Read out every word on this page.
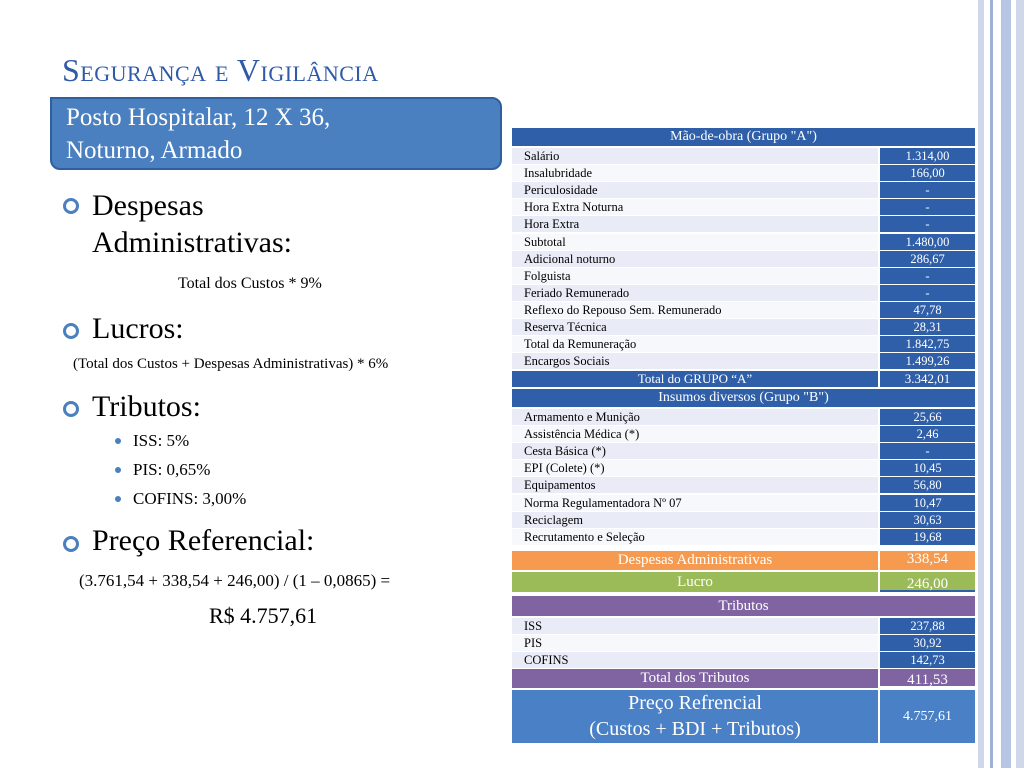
Segurança e Vigilância
Posto Hospitalar, 12 X 36,
Noturno, Armado
Despesas
Administrativas:
Total dos Custos * 9%
Lucros:
(Total dos Custos + Despesas Administrativas) * 6%
Tributos:
ISS: 5%
PIS: 0,65%
COFINS: 3,00%
Preço Referencial:
(3.761,54 + 338,54 + 246,00) / (1 – 0,0865) =
R$ 4.757,61
Mão-de-obra (Grupo "A")
Salário	1.314,00
Insalubridade	166,00
Periculosidade	-
Hora Extra Noturna	-
Hora Extra	-
Subtotal	1.480,00
Adicional noturno	286,67
Folguista	-
Feriado Remunerado	-
Reflexo do Repouso Sem. Remunerado	47,78
Reserva Técnica	28,31
Total da Remuneração	1.842,75
Encargos Sociais	1.499,26
Total do GRUPO “A”	3.342,01
Insumos diversos (Grupo "B")
Armamento e Munição	25,66
Assistência Médica (*)	2,46
Cesta Básica (*)	-
EPI (Colete) (*)	10,45
Equipamentos	56,80
Norma Regulamentadora Nº 07	10,47
Reciclagem	30,63
Recrutamento e Seleção	19,68
Despesas Administrativas	338,54
Lucro	246,00
Tributos
ISS	237,88
PIS	30,92
COFINS	142,73
Total dos Tributos	411,53
Preço Refrencial
(Custos + BDI + Tributos)
4.757,61
